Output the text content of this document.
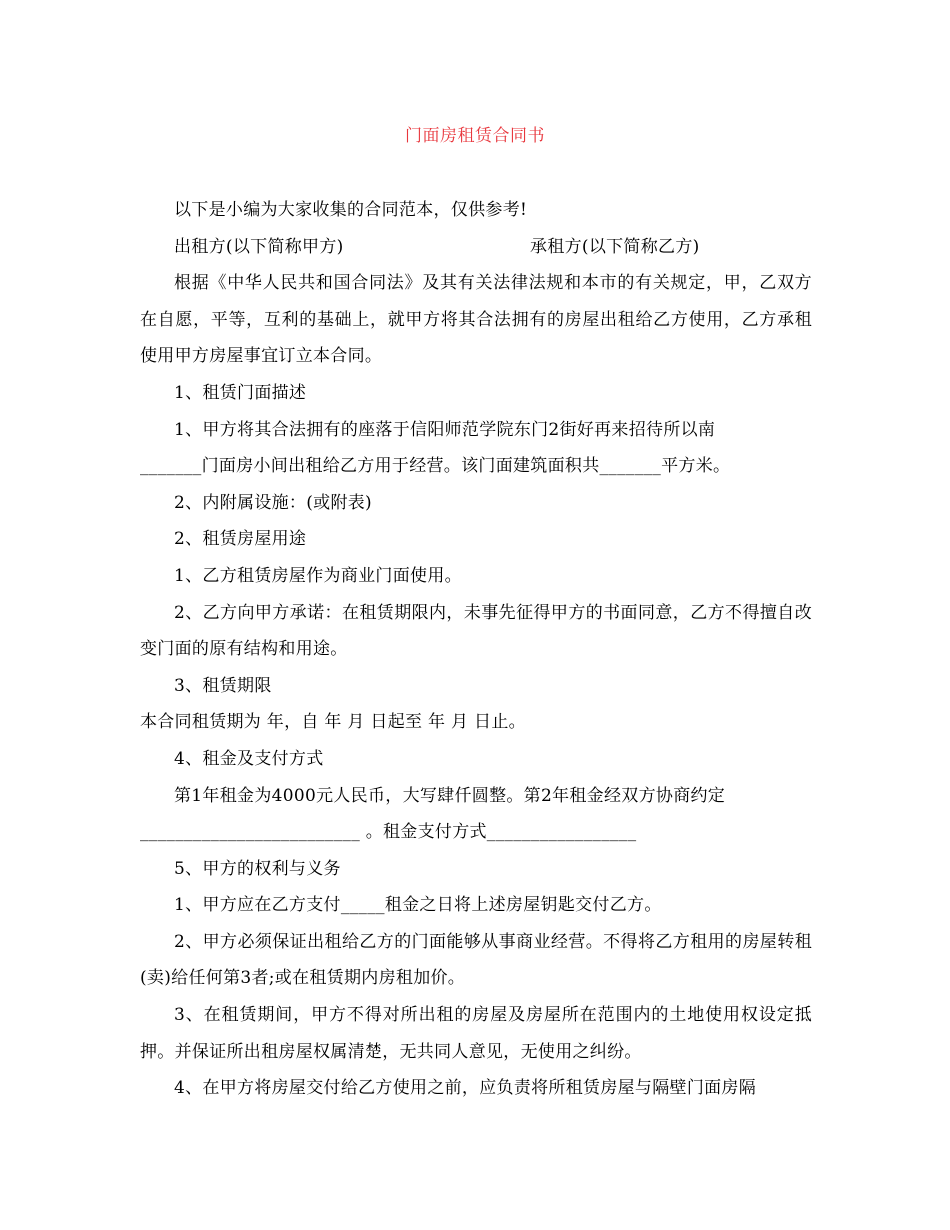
门面房租赁合同书

以下是小编为大家收集的合同范本，仅供参考!

出租方(以下简称甲方)	承租方(以下简称乙方)

根据《中华人民共和国合同法》及其有关法律法规和本市的有关规定，甲，乙双方在自愿，平等，互利的基础上，就甲方将其合法拥有的房屋出租给乙方使用，乙方承租使用甲方房屋事宜订立本合同。

1、租赁门面描述

1、甲方将其合法拥有的座落于信阳师范学院东门2街好再来招待所以南

_______门面房小间出租给乙方用于经营。该门面建筑面积共_______平方米。

2、内附属设施：(或附表)

2、租赁房屋用途

1、乙方租赁房屋作为商业门面使用。

2、乙方向甲方承诺：在租赁期限内，未事先征得甲方的书面同意，乙方不得擅自改变门面的原有结构和用途。

3、租赁期限

本合同租赁期为 年，自 年 月 日起至 年 月 日止。

4、租金及支付方式

第1年租金为4000元人民币，大写肆仟圆整。第2年租金经双方协商约定

_________________________ 。租金支付方式_________________

5、甲方的权利与义务

1、甲方应在乙方支付_____租金之日将上述房屋钥匙交付乙方。

2、甲方必须保证出租给乙方的门面能够从事商业经营。不得将乙方租用的房屋转租(卖)给任何第3者;或在租赁期内房租加价。

3、在租赁期间，甲方不得对所出租的房屋及房屋所在范围内的土地使用权设定抵押。并保证所出租房屋权属清楚，无共同人意见，无使用之纠纷。

4、在甲方将房屋交付给乙方使用之前，应负责将所租赁房屋与隔壁门面房隔
